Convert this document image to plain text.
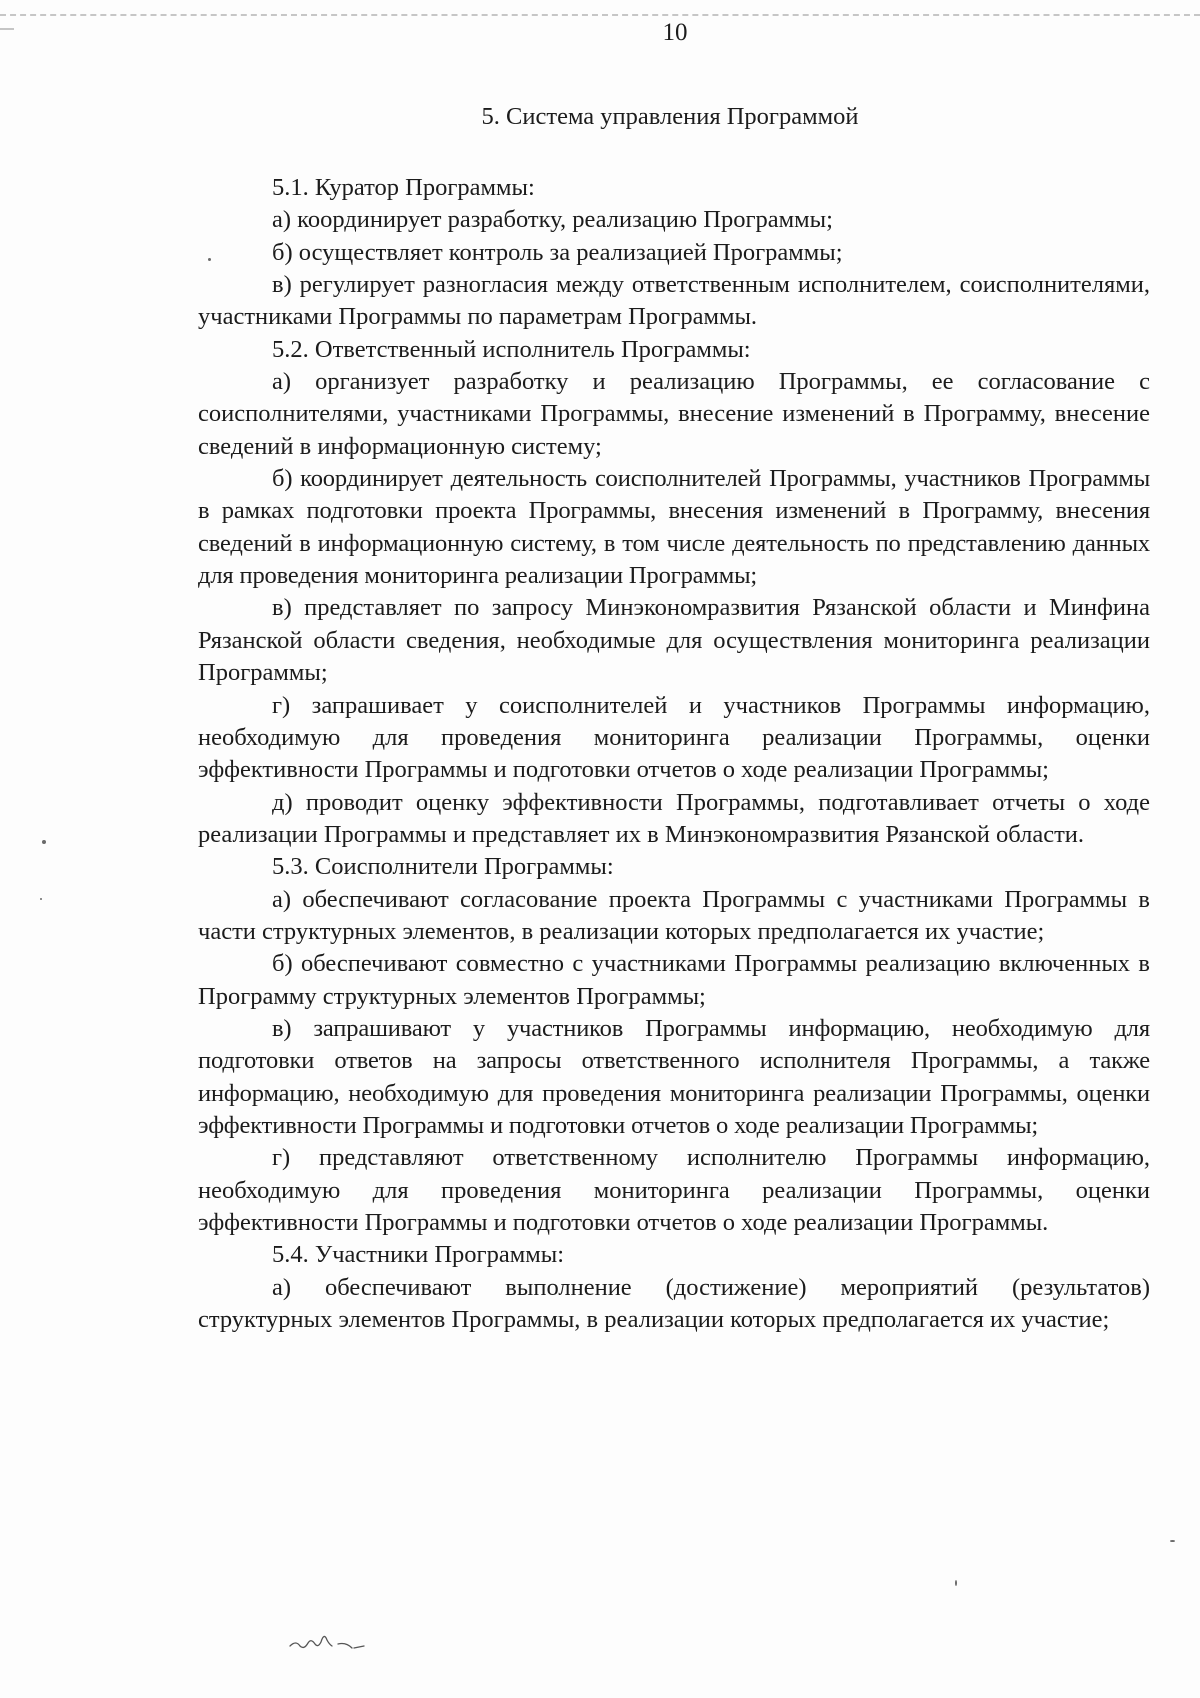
10
5. Система управления Программой

5.1. Куратор Программы:

а) координирует разработку, реализацию Программы;

б) осуществляет контроль за реализацией Программы;

в) регулирует разногласия между ответственным исполнителем, соисполнителями, участниками Программы по параметрам Программы.

5.2. Ответственный исполнитель Программы:

а) организует разработку и реализацию Программы, ее согласование с соисполнителями, участниками Программы, внесение изменений в Программу, внесение сведений в информационную систему;

б) координирует деятельность соисполнителей Программы, участников Программы в рамках подготовки проекта Программы, внесения изменений в Программу, внесения сведений в информационную систему, в том числе деятельность по представлению данных для проведения мониторинга реализации Программы;

в) представляет по запросу Минэкономразвития Рязанской области и Минфина Рязанской области сведения, необходимые для осуществления мониторинга реализации Программы;

г) запрашивает у соисполнителей и участников Программы информацию, необходимую для проведения мониторинга реализации Программы, оценки эффективности Программы и подготовки отчетов о ходе реализации Программы;

д) проводит оценку эффективности Программы, подготавливает отчеты о ходе реализации Программы и представляет их в Минэкономразвития Рязанской области.

5.3. Соисполнители Программы:

а) обеспечивают согласование проекта Программы с участниками Программы в части структурных элементов, в реализации которых предполагается их участие;

б) обеспечивают совместно с участниками Программы реализацию включенных в Программу структурных элементов Программы;

в) запрашивают у участников Программы информацию, необходимую для подготовки ответов на запросы ответственного исполнителя Программы, а также информацию, необходимую для проведения мониторинга реализации Программы, оценки эффективности Программы и подготовки отчетов о ходе реализации Программы;

г) представляют ответственному исполнителю Программы информацию, необходимую для проведения мониторинга реализации Программы, оценки эффективности Программы и подготовки отчетов о ходе реализации Программы.

5.4. Участники Программы:

а) обеспечивают выполнение (достижение) мероприятий (результатов) структурных элементов Программы, в реализации которых предполагается их участие;
